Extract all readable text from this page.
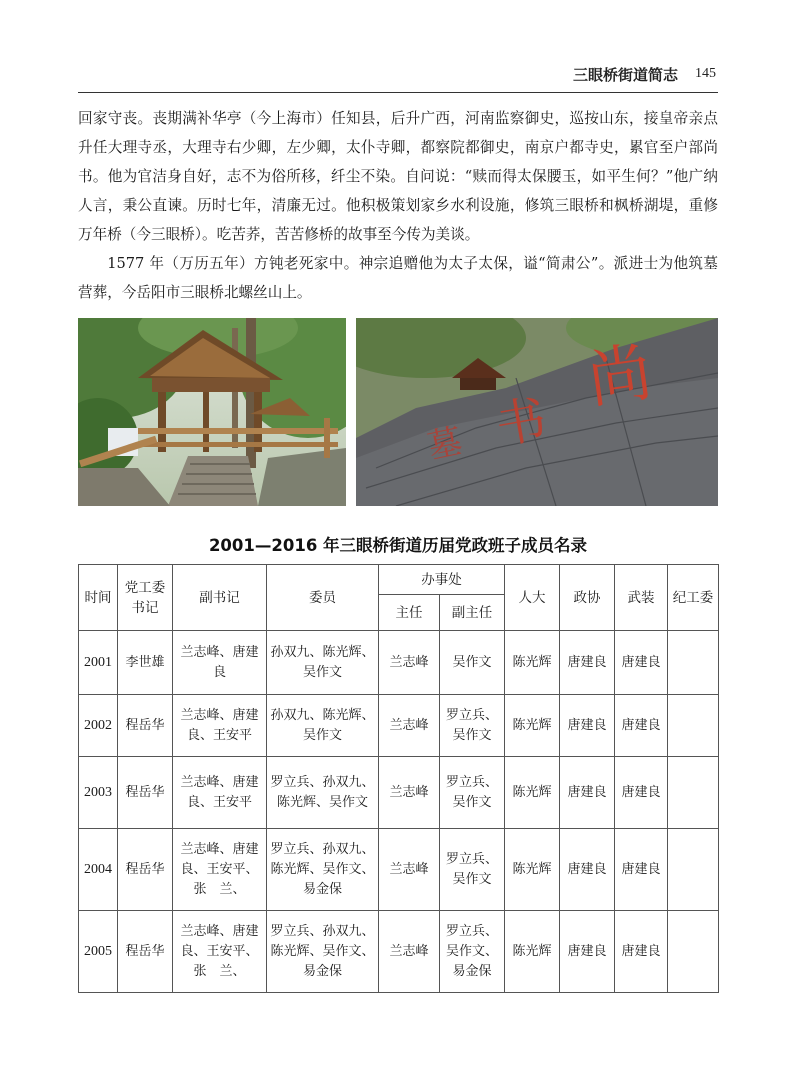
三眼桥街道简志 145

回家守丧。丧期满补华亭（今上海市）任知县，后升广西，河南监察御史，巡按山东，接皇帝亲点升任大理寺丞，大理寺右少卿，左少卿，太仆寺卿，都察院都御史，南京户都寺史，累官至户部尚书。他为官洁身自好，志不为俗所移，纤尘不染。自问说：“赎而得太保腰玉，如平生何？”他广纳人言，秉公直谏。历时七年，清廉无过。他积极策划家乡水利设施，修筑三眼桥和枫桥湖堤，重修万年桥（今三眼桥）。吃苦荞，苦苦修桥的故事至今传为美谈。

1577 年（万历五年）方钝老死家中。神宗追赠他为太子太保，谥“简肃公”。派进士为他筑墓营葬，今岳阳市三眼桥北螺丝山上。

尚
书
墓
2001—2016 年三眼桥街道历届党政班子成员名录
时间	党工委书记	副书记	委员	办事处		人大	政协	武装	纪工委
				主任	副主任				
2001	李世雄	兰志峰、唐建良	孙双九、陈光辉、吴作文	兰志峰	吴作文	陈光辉	唐建良	唐建良	
2002	程岳华	兰志峰、唐建良、王安平	孙双九、陈光辉、吴作文	兰志峰	罗立兵、吴作文	陈光辉	唐建良	唐建良	
2003	程岳华	兰志峰、唐建良、王安平	罗立兵、孙双九、陈光辉、吴作文	兰志峰	罗立兵、吴作文	陈光辉	唐建良	唐建良	
2004	程岳华	兰志峰、唐建良、王安平、张　兰、	罗立兵、孙双九、陈光辉、吴作文、易金保	兰志峰	罗立兵、吴作文	陈光辉	唐建良	唐建良	
2005	程岳华	兰志峰、唐建良、王安平、张　兰、	罗立兵、孙双九、陈光辉、吴作文、易金保	兰志峰	罗立兵、吴作文、易金保	陈光辉	唐建良	唐建良	
